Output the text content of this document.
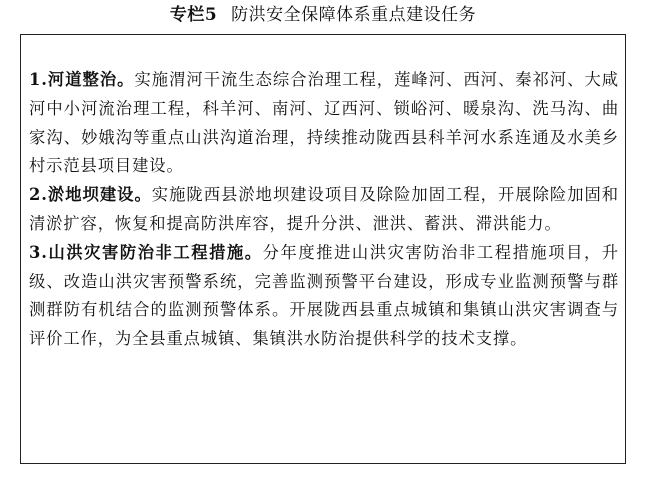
专栏5 防洪安全保障体系重点建设任务

1.河道整治。实施渭河干流生态综合治理工程，莲峰河、西河、秦祁河、大咸河中小河流治理工程，科羊河、南河、辽西河、锁峪河、暖泉沟、洗马沟、曲家沟、妙娥沟等重点山洪沟道治理，持续推动陇西县科羊河水系连通及水美乡村示范县项目建设。

2.淤地坝建设。实施陇西县淤地坝建设项目及除险加固工程，开展除险加固和清淤扩容，恢复和提高防洪库容，提升分洪、泄洪、蓄洪、滞洪能力。

3.山洪灾害防治非工程措施。分年度推进山洪灾害防治非工程措施项目，升级、改造山洪灾害预警系统，完善监测预警平台建设，形成专业监测预警与群测群防有机结合的监测预警体系。开展陇西县重点城镇和集镇山洪灾害调查与评价工作，为全县重点城镇、集镇洪水防治提供科学的技术支撑。
